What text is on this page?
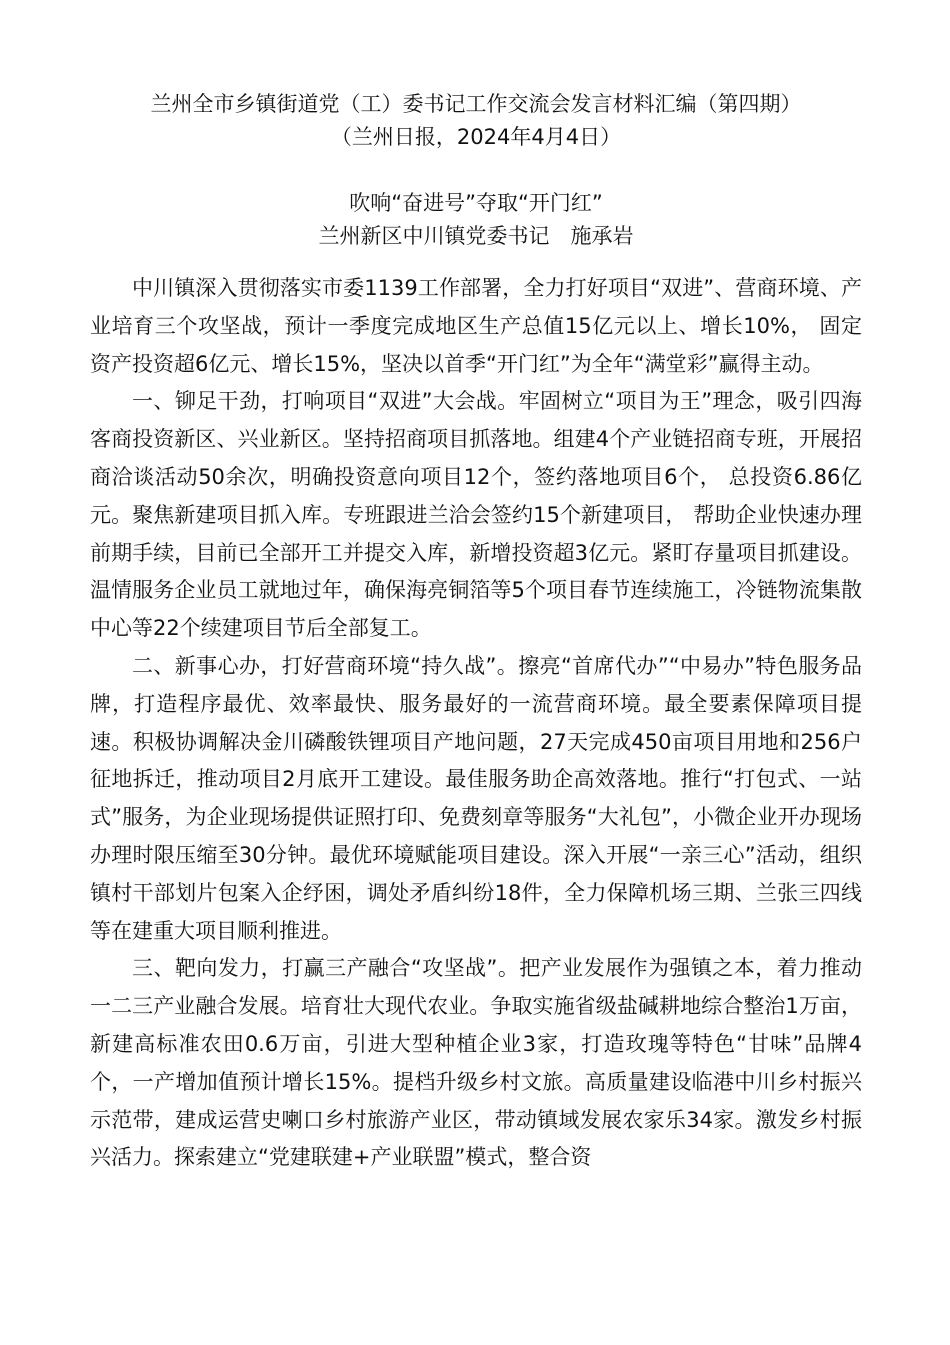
兰州全市乡镇街道党（工）委书记工作交流会发言材料汇编（第四期）
（兰州日报，2024年4月4日）
吹响“奋进号”夺取“开门红”
兰州新区中川镇党委书记　施承岩

中川镇深入贯彻落实市委1139工作部署，全力打好项目“双进”、营商环境、产业培育三个攻坚战，预计一季度完成地区生产总值15亿元以上、增长10%， 固定资产投资超6亿元、增长15%，坚决以首季“开门红”为全年“满堂彩”赢得主动。

一、铆足干劲，打响项目“双进”大会战。牢固树立“项目为王”理念，吸引四海客商投资新区、兴业新区。坚持招商项目抓落地。组建4个产业链招商专班，开展招商洽谈活动50余次，明确投资意向项目12个，签约落地项目6个， 总投资6.86亿元。聚焦新建项目抓入库。专班跟进兰洽会签约15个新建项目， 帮助企业快速办理前期手续，目前已全部开工并提交入库，新增投资超3亿元。紧盯存量项目抓建设。温情服务企业员工就地过年，确保海亮铜箔等5个项目春节连续施工，冷链物流集散中心等22个续建项目节后全部复工。

二、新事心办，打好营商环境“持久战”。擦亮“首席代办”“中易办”特色服务品牌，打造程序最优、效率最快、服务最好的一流营商环境。最全要素保障项目提速。积极协调解决金川磷酸铁锂项目产地问题，27天完成450亩项目用地和256户征地拆迁，推动项目2月底开工建设。最佳服务助企高效落地。推行“打包式、一站式”服务，为企业现场提供证照打印、免费刻章等服务“大礼包”，小微企业开办现场办理时限压缩至30分钟。最优环境赋能项目建设。深入开展“一亲三心”活动，组织镇村干部划片包案入企纾困，调处矛盾纠纷18件，全力保障机场三期、兰张三四线等在建重大项目顺利推进。

三、靶向发力，打赢三产融合“攻坚战”。把产业发展作为强镇之本，着力推动一二三产业融合发展。培育壮大现代农业。争取实施省级盐碱耕地综合整治1万亩，新建高标准农田0.6万亩，引进大型种植企业3家，打造玫瑰等特色“甘味”品牌4个，一产增加值预计增长15%。提档升级乡村文旅。高质量建设临港中川乡村振兴示范带，建成运营史喇口乡村旅游产业区，带动镇域发展农家乐34家。激发乡村振兴活力。探索建立“党建联建+产业联盟”模式，整合资
